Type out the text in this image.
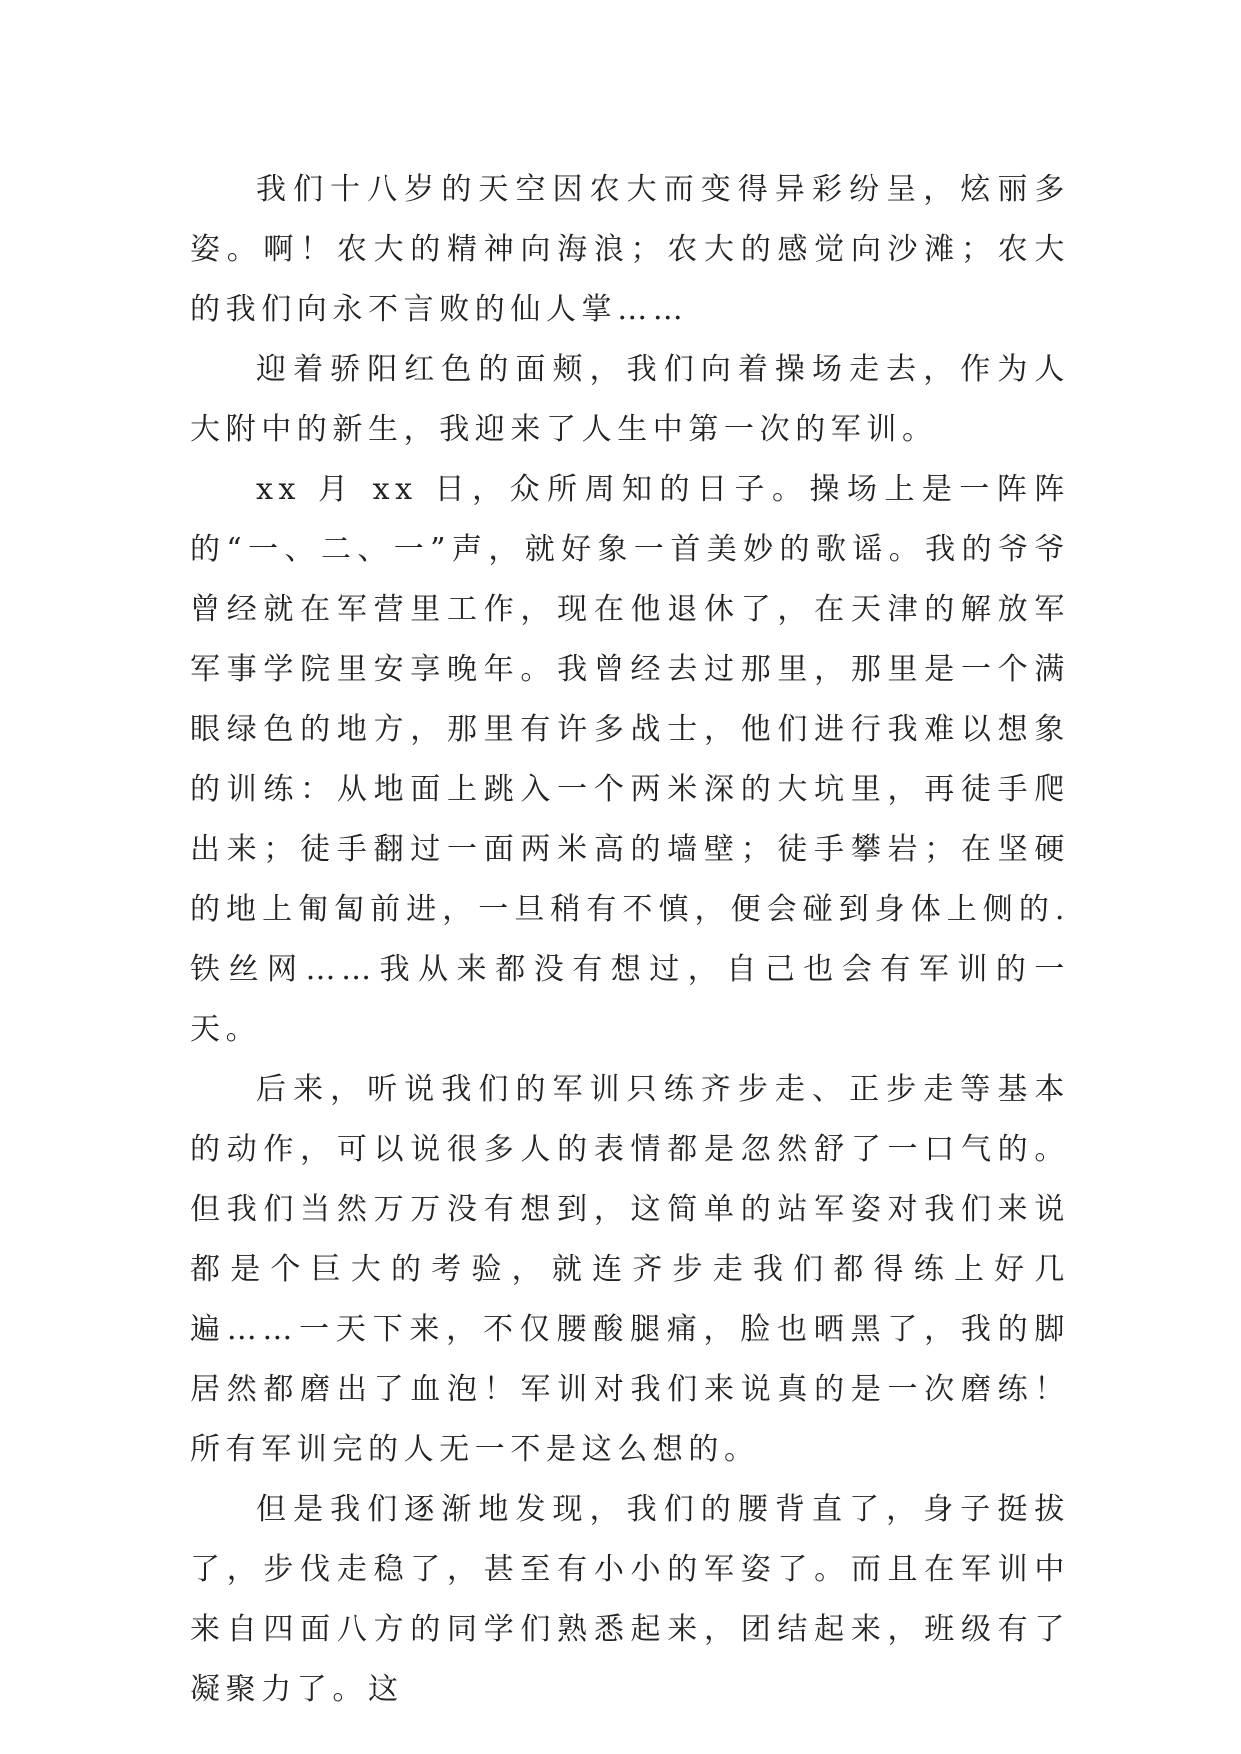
我们十八岁的天空因农大而变得异彩纷呈，炫丽多姿。啊！农大的精神向海浪；农大的感觉向沙滩；农大的我们向永不言败的仙人掌……

迎着骄阳红色的面颊，我们向着操场走去，作为人大附中的新生，我迎来了人生中第一次的军训。

xx 月 xx 日，众所周知的日子。操场上是一阵阵的“一、二、一”声，就好象一首美妙的歌谣。我的爷爷曾经就在军营里工作，现在他退休了，在天津的解放军军事学院里安享晚年。我曾经去过那里，那里是一个满眼绿色的地方，那里有许多战士，他们进行我难以想象的训练：从地面上跳入一个两米深的大坑里，再徒手爬出来；徒手翻过一面两米高的墙壁；徒手攀岩；在坚硬的地上匍匐前进，一旦稍有不慎，便会碰到身体上侧的.铁丝网……我从来都没有想过，自己也会有军训的一天。

后来，听说我们的军训只练齐步走、正步走等基本的动作，可以说很多人的表情都是忽然舒了一口气的。但我们当然万万没有想到，这简单的站军姿对我们来说都是个巨大的考验，就连齐步走我们都得练上好几遍……一天下来，不仅腰酸腿痛，脸也晒黑了，我的脚居然都磨出了血泡！军训对我们来说真的是一次磨练！所有军训完的人无一不是这么想的。

但是我们逐渐地发现，我们的腰背直了，身子挺拔了，步伐走稳了，甚至有小小的军姿了。而且在军训中来自四面八方的同学们熟悉起来，团结起来，班级有了凝聚力了。这
